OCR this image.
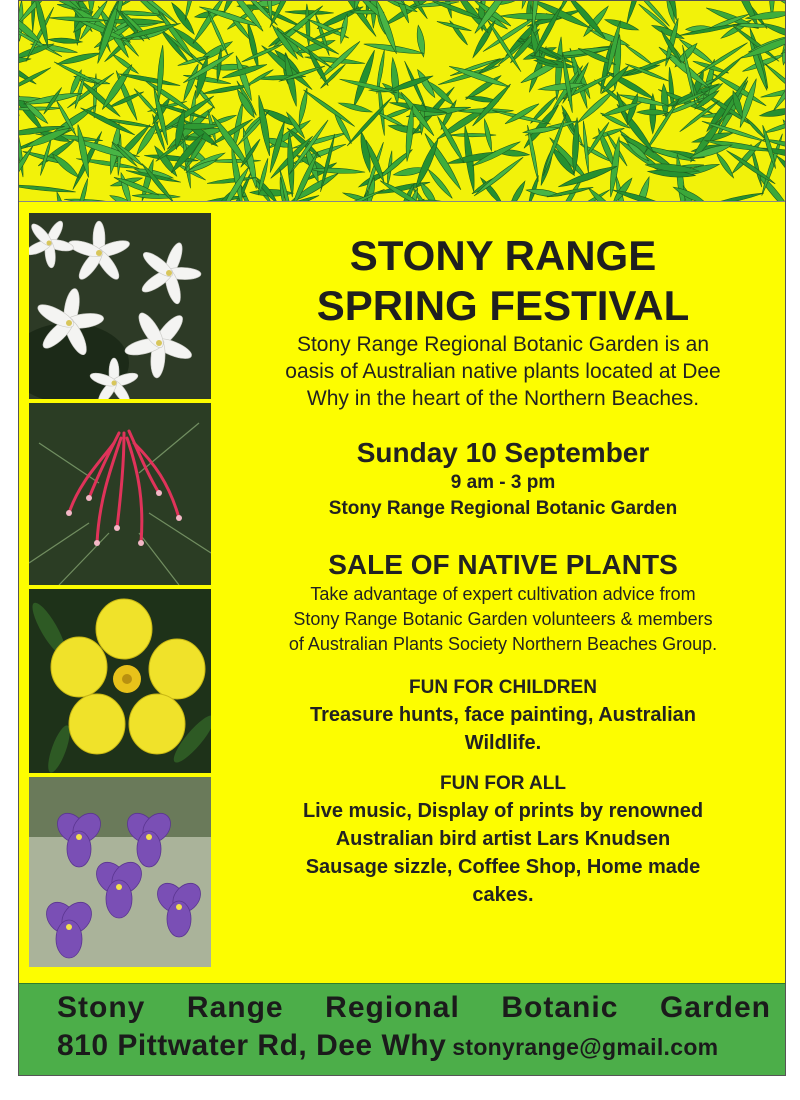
STONY RANGE
SPRING FESTIVAL
Stony Range Regional Botanic Garden is an
oasis of Australian native plants located at Dee
Why in the heart of the Northern Beaches.
Sunday 10 September
9 am - 3 pm
Stony Range Regional Botanic Garden
SALE OF NATIVE PLANTS
Take advantage of expert cultivation advice from
Stony Range Botanic Garden volunteers & members
of Australian Plants Society Northern Beaches Group.
FUN FOR CHILDREN
Treasure hunts, face painting, Australian
Wildlife.
FUN FOR ALL
Live music, Display of prints by renowned
Australian bird artist Lars Knudsen
Sausage sizzle, Coffee Shop, Home made
cakes.
Stony Range Regional Botanic Garden
810 Pittwater Rd, Dee Why stonyrange@gmail.com
